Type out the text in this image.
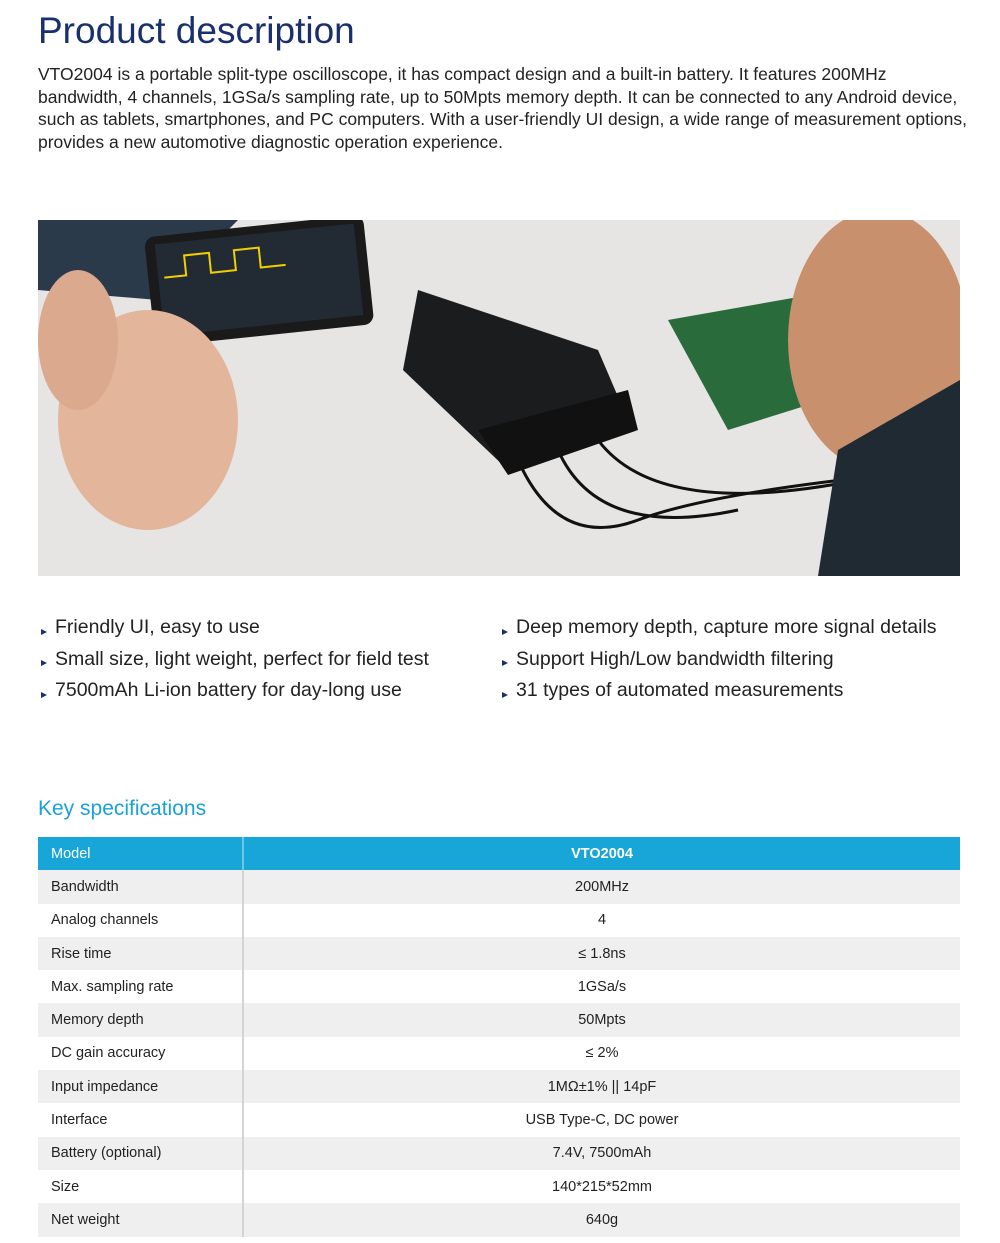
Product description

VTO2004 is a portable split-type oscilloscope, it has compact design and a built-in battery. It features 200MHz bandwidth, 4 channels, 1GSa/s sampling rate, up to 50Mpts memory depth. It can be connected to any Android device, such as tablets, smartphones, and PC computers. With a user-friendly UI design, a wide range of measurement options, provides a new automotive diagnostic operation experience.

Friendly UI, easy to use
Small size, light weight, perfect for field test
7500mAh Li-ion battery for day-long use
Deep memory depth, capture more signal details
Support High/Low bandwidth filtering
31 types of automated measurements
Key specifications
Model	VTO2004
Bandwidth	200MHz
Analog channels	4
Rise time	≤ 1.8ns
Max. sampling rate	1GSa/s
Memory depth	50Mpts
DC gain accuracy	≤ 2%
Input impedance	1MΩ±1% || 14pF
Interface	USB Type-C, DC power
Battery (optional)	7.4V, 7500mAh
Size	140*215*52mm
Net weight	640g
